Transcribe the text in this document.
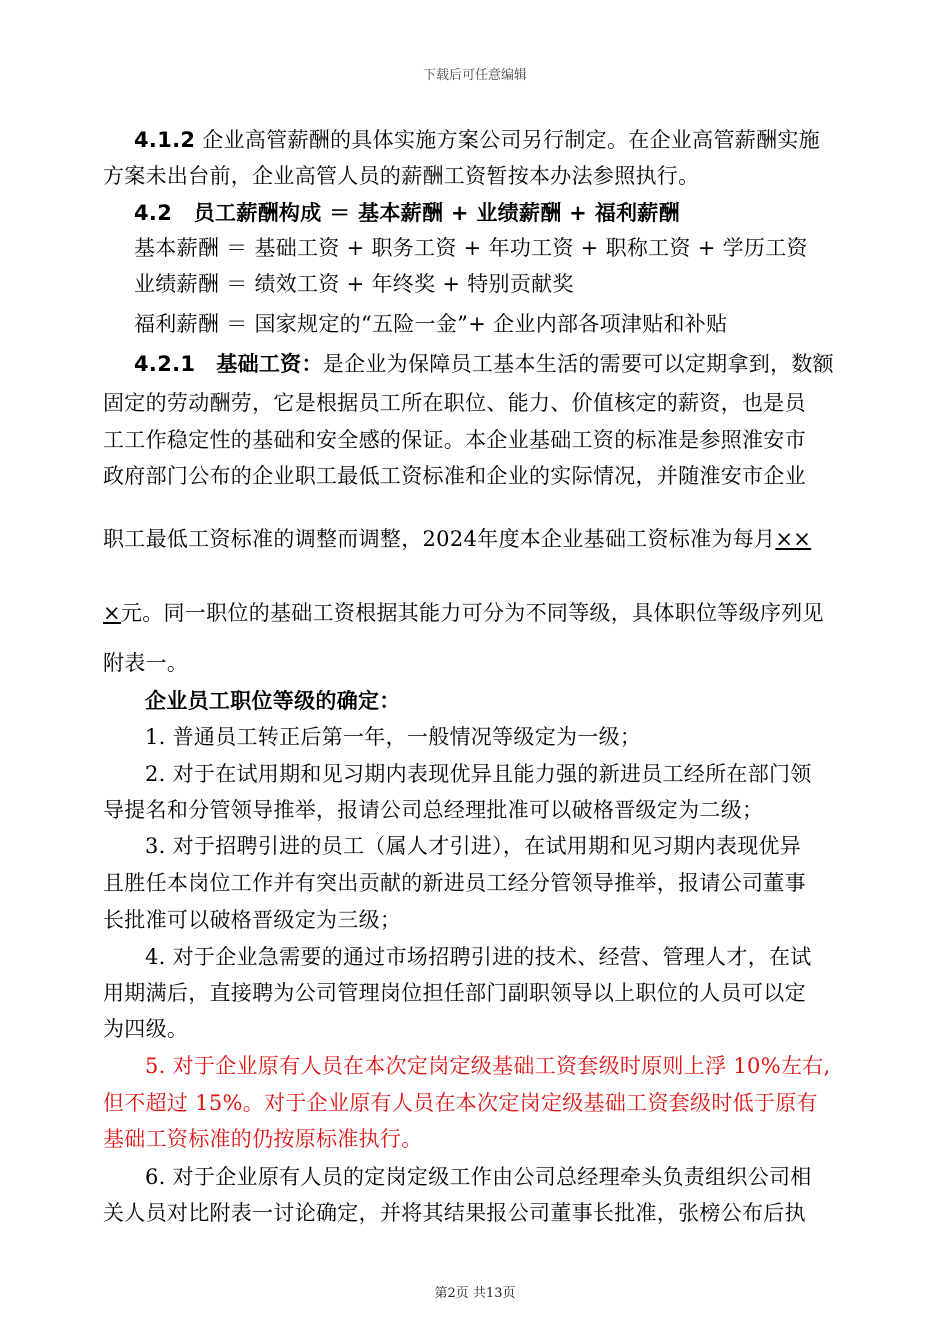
下载后可任意编辑
4.1.2 企业高管薪酬的具体实施方案公司另行制定。在企业高管薪酬实施
方案未出台前，企业高管人员的薪酬工资暂按本办法参照执行。
4.2 员工薪酬构成 ＝ 基本薪酬 + 业绩薪酬 + 福利薪酬
基本薪酬 ＝ 基础工资 + 职务工资 + 年功工资 + 职称工资 + 学历工资
业绩薪酬 ＝ 绩效工资 + 年终奖 + 特别贡献奖
福利薪酬 ＝ 国家规定的“五险一金”+ 企业内部各项津贴和补贴
4.2.1 基础工资：是企业为保障员工基本生活的需要可以定期拿到，数额
固定的劳动酬劳，它是根据员工所在职位、能力、价值核定的薪资，也是员
工工作稳定性的基础和安全感的保证。本企业基础工资的标准是参照淮安市
政府部门公布的企业职工最低工资标准和企业的实际情况，并随淮安市企业
职工最低工资标准的调整而调整，2024年度本企业基础工资标准为每月××
×元。同一职位的基础工资根据其能力可分为不同等级，具体职位等级序列见
附表一。
企业员工职位等级的确定：
1. 普通员工转正后第一年，一般情况等级定为一级；
2. 对于在试用期和见习期内表现优异且能力强的新进员工经所在部门领
导提名和分管领导推举，报请公司总经理批准可以破格晋级定为二级；
3. 对于招聘引进的员工（属人才引进），在试用期和见习期内表现优异
且胜任本岗位工作并有突出贡献的新进员工经分管领导推举，报请公司董事
长批准可以破格晋级定为三级；
4. 对于企业急需要的通过市场招聘引进的技术、经营、管理人才，在试
用期满后，直接聘为公司管理岗位担任部门副职领导以上职位的人员可以定
为四级。
5. 对于企业原有人员在本次定岗定级基础工资套级时原则上浮 10%左右,
但不超过 15%。对于企业原有人员在本次定岗定级基础工资套级时低于原有
基础工资标准的仍按原标准执行。
6. 对于企业原有人员的定岗定级工作由公司总经理牵头负责组织公司相
关人员对比附表一讨论确定，并将其结果报公司董事长批准，张榜公布后执
第2页 共13页
